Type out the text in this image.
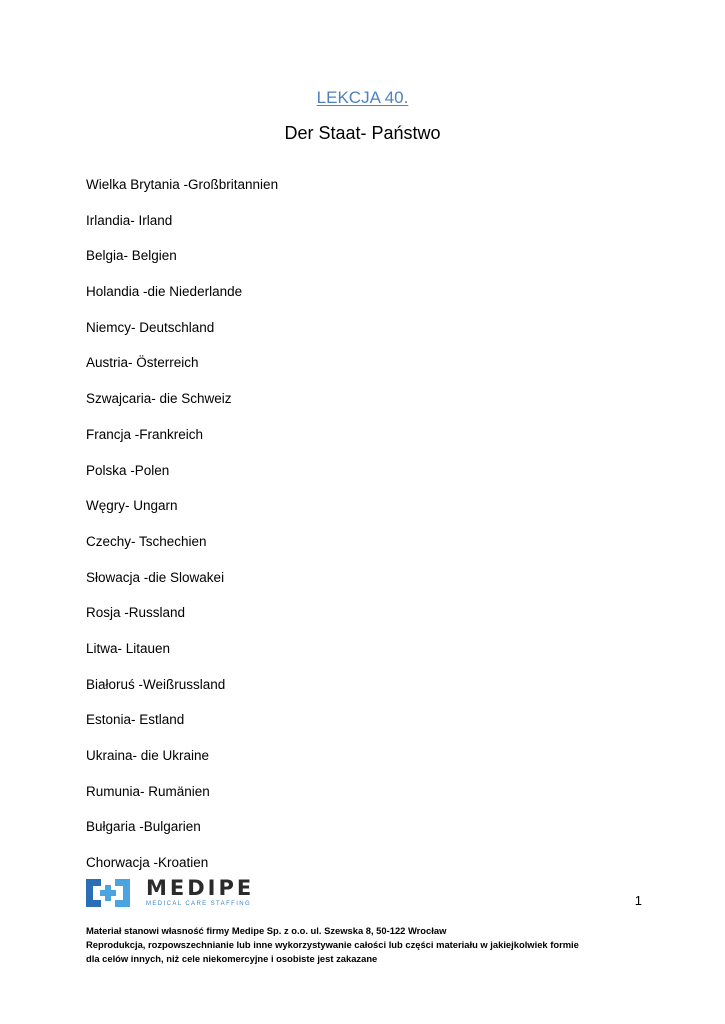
LEKCJA 40.
Der Staat- Państwo
Wielka Brytania -Großbritannien
Irlandia- Irland
Belgia- Belgien
Holandia -die Niederlande
Niemcy- Deutschland
Austria- Österreich
Szwajcaria- die Schweiz
Francja -Frankreich
Polska -Polen
Węgry- Ungarn
Czechy- Tschechien
Słowacja -die Slowakei
Rosja -Russland
Litwa- Litauen
Białoruś -Weißrussland
Estonia- Estland
Ukraina- die Ukraine
Rumunia- Rumänien
Bułgaria -Bulgarien
Chorwacja -Kroatien
MEDIPE
MEDICAL CARE STAFFING	1
Materiał stanowi własność firmy Medipe Sp. z o.o. ul. Szewska 8, 50-122 Wrocław
Reprodukcja, rozpowszechnianie lub inne wykorzystywanie całości lub części materiału w jakiejkolwiek formie
dla celów innych, niż cele niekomercyjne i osobiste jest zakazane
